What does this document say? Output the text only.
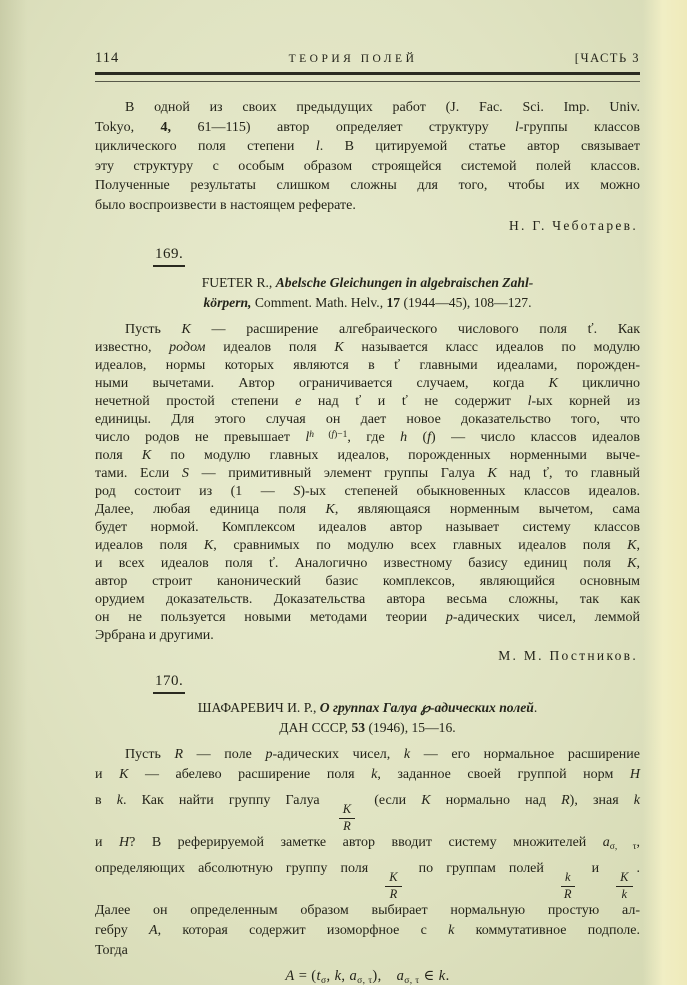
114	ТЕОРИЯ ПОЛЕЙ	[ЧАСТЬ 3
В одной из своих предыдущих работ (J. Fac. Sci. Imp. Univ.
Tokyo, 4, 61—115) автор определяет структуру l-группы классов
циклического поля степени l. В цитируемой статье автор связывает
эту структуру с особым образом строящейся системой полей классов.
Полученные результаты слишком сложны для того, чтобы их можно
было воспроизвести в настоящем реферате.
Н. Г. Чеботарев.
169.
FUETER R., Abelsche Gleichungen in algebraischen Zahl-
körpern, Comment. Math. Helv., 17 (1944—45), 108—127.
Пусть K — расширение алгебраического числового поля ť. Как
известно, родом идеалов поля K называется класс идеалов по модулю
идеалов, нормы которых являются в ť главными идеалами, порожден-
ными вычетами. Автор ограничивается случаем, когда K циклично
нечетной простой степени e над ť и ť не содержит l-ых корней из
единицы. Для этого случая он дает новое доказательство того, что
число родов не превышает $l^{h (f)-1}$, где h (f) — число классов идеалов
поля K по модулю главных идеалов, порожденных норменными выче-
тами. Если S — примитивный элемент группы Галуа K над ť, то главный
род состоит из (1 — S)-ых степеней обыкновенных классов идеалов.
Далее, любая единица поля K, являющаяся норменным вычетом, сама
будет нормой. Комплексом идеалов автор называет систему классов
идеалов поля K, сравнимых по модулю всех главных идеалов поля K,
и всех идеалов поля ť. Аналогично известному базису единиц поля K,
автор строит канонический базис комплексов, являющийся основным
орудием доказательств. Доказательства автора весьма сложны, так как
он не пользуется новыми методами теории p-адических чисел, леммой
Эрбрана и другими.
М. М. Постников.
170.
ШАФАРЕВИЧ И. Р., О группах Галуа ℘-адических полей.
ДАН СССР, 53 (1946), 15—16.
Пусть R — поле p-адических чисел, k — его нормальное расширение
и K — абелево расширение поля k, заданное своей группой норм H
в k. Как найти группу Галуа
$\frac{K}{R}$
(если K нормально над R), зная k
и H? В реферируемой заметке автор вводит систему множителей $a_{\sigma, \tau}$,
определяющих абсолютную группу поля
$\frac{K}{R}$
по группам полей
$\frac{k}{R}$
и
$\frac{K}{k}$
.
Далее он определенным образом выбирает нормальную простую ал-
гебру A, которая содержит изоморфное с k коммутативное подполе.
Тогда
$A = (t_\sigma$, k, $a_{\sigma, \tau}$), $a_{\sigma, \tau}$ ∈ k.
